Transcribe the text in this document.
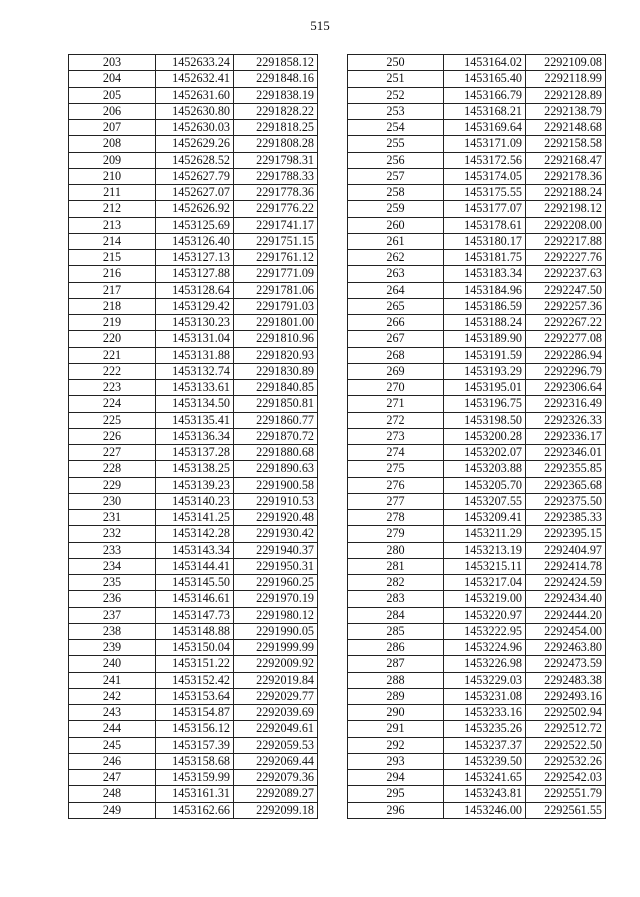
515
203	1452633.24	2291858.12
204	1452632.41	2291848.16
205	1452631.60	2291838.19
206	1452630.80	2291828.22
207	1452630.03	2291818.25
208	1452629.26	2291808.28
209	1452628.52	2291798.31
210	1452627.79	2291788.33
211	1452627.07	2291778.36
212	1452626.92	2291776.22
213	1453125.69	2291741.17
214	1453126.40	2291751.15
215	1453127.13	2291761.12
216	1453127.88	2291771.09
217	1453128.64	2291781.06
218	1453129.42	2291791.03
219	1453130.23	2291801.00
220	1453131.04	2291810.96
221	1453131.88	2291820.93
222	1453132.74	2291830.89
223	1453133.61	2291840.85
224	1453134.50	2291850.81
225	1453135.41	2291860.77
226	1453136.34	2291870.72
227	1453137.28	2291880.68
228	1453138.25	2291890.63
229	1453139.23	2291900.58
230	1453140.23	2291910.53
231	1453141.25	2291920.48
232	1453142.28	2291930.42
233	1453143.34	2291940.37
234	1453144.41	2291950.31
235	1453145.50	2291960.25
236	1453146.61	2291970.19
237	1453147.73	2291980.12
238	1453148.88	2291990.05
239	1453150.04	2291999.99
240	1453151.22	2292009.92
241	1453152.42	2292019.84
242	1453153.64	2292029.77
243	1453154.87	2292039.69
244	1453156.12	2292049.61
245	1453157.39	2292059.53
246	1453158.68	2292069.44
247	1453159.99	2292079.36
248	1453161.31	2292089.27
249	1453162.66	2292099.18
250	1453164.02	2292109.08
251	1453165.40	2292118.99
252	1453166.79	2292128.89
253	1453168.21	2292138.79
254	1453169.64	2292148.68
255	1453171.09	2292158.58
256	1453172.56	2292168.47
257	1453174.05	2292178.36
258	1453175.55	2292188.24
259	1453177.07	2292198.12
260	1453178.61	2292208.00
261	1453180.17	2292217.88
262	1453181.75	2292227.76
263	1453183.34	2292237.63
264	1453184.96	2292247.50
265	1453186.59	2292257.36
266	1453188.24	2292267.22
267	1453189.90	2292277.08
268	1453191.59	2292286.94
269	1453193.29	2292296.79
270	1453195.01	2292306.64
271	1453196.75	2292316.49
272	1453198.50	2292326.33
273	1453200.28	2292336.17
274	1453202.07	2292346.01
275	1453203.88	2292355.85
276	1453205.70	2292365.68
277	1453207.55	2292375.50
278	1453209.41	2292385.33
279	1453211.29	2292395.15
280	1453213.19	2292404.97
281	1453215.11	2292414.78
282	1453217.04	2292424.59
283	1453219.00	2292434.40
284	1453220.97	2292444.20
285	1453222.95	2292454.00
286	1453224.96	2292463.80
287	1453226.98	2292473.59
288	1453229.03	2292483.38
289	1453231.08	2292493.16
290	1453233.16	2292502.94
291	1453235.26	2292512.72
292	1453237.37	2292522.50
293	1453239.50	2292532.26
294	1453241.65	2292542.03
295	1453243.81	2292551.79
296	1453246.00	2292561.55
